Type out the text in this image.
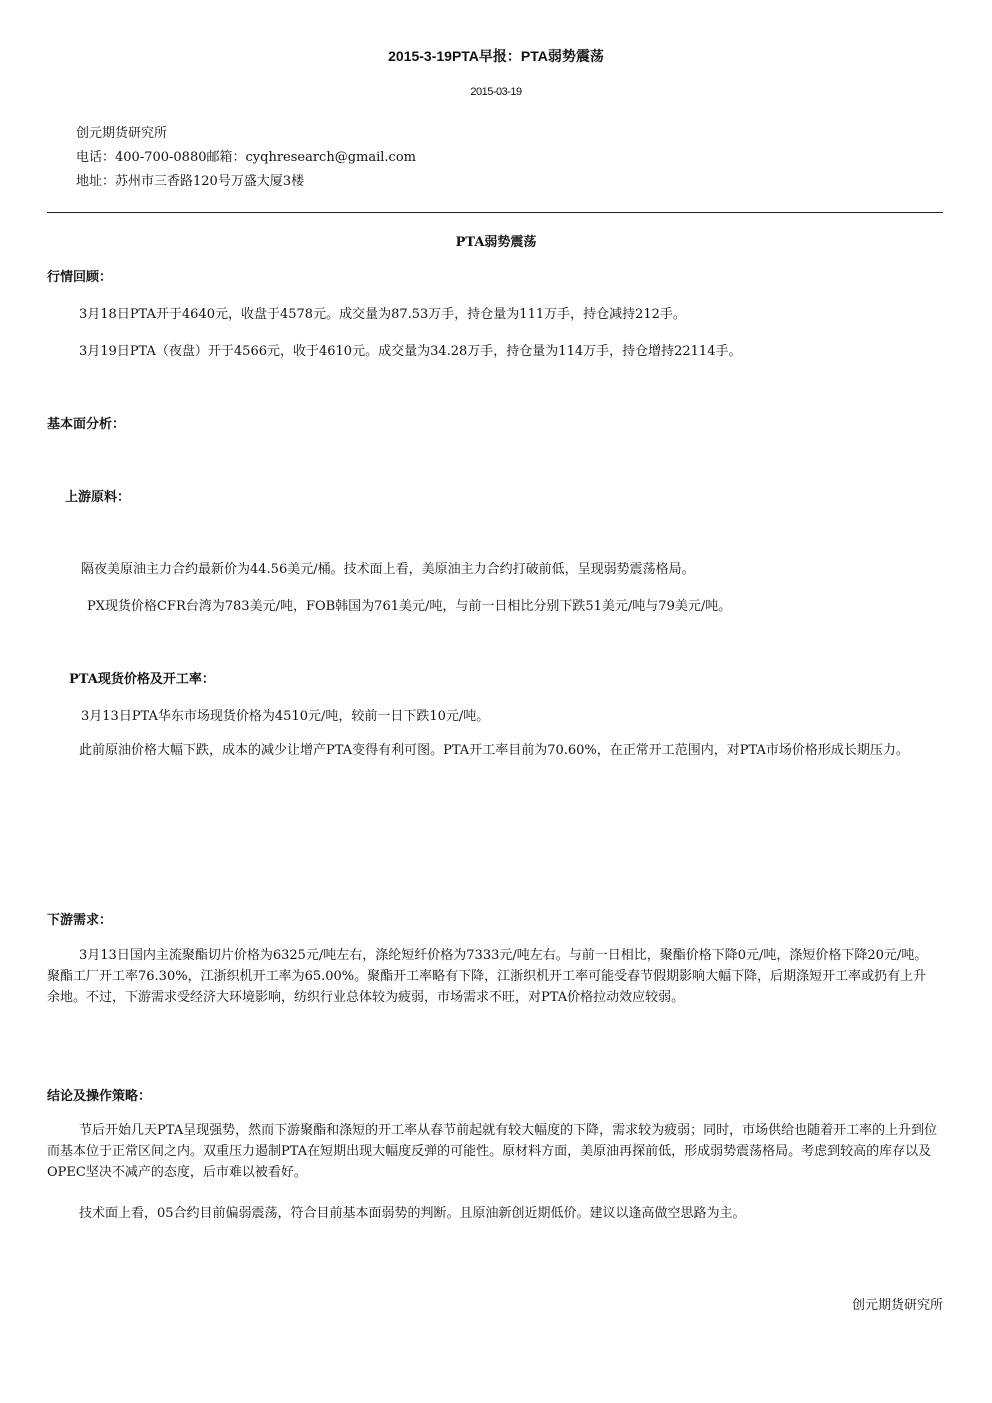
2015-3-19PTA早报：PTA弱势震荡
2015-03-19
创元期货研究所
电话：400-700-0880邮箱：cyqhresearch@gmail.com
地址：苏州市三香路120号万盛大厦3楼
PTA弱势震荡
行情回顾：
3月18日PTA开于4640元，收盘于4578元。成交量为87.53万手，持仓量为111万手，持仓减持212手。
3月19日PTA（夜盘）开于4566元，收于4610元。成交量为34.28万手，持仓量为114万手，持仓增持22114手。
基本面分析：
上游原料：
隔夜美原油主力合约最新价为44.56美元/桶。技术面上看，美原油主力合约打破前低，呈现弱势震荡格局。
PX现货价格CFR台湾为783美元/吨，FOB韩国为761美元/吨，与前一日相比分别下跌51美元/吨与79美元/吨。
PTA现货价格及开工率：
3月13日PTA华东市场现货价格为4510元/吨，较前一日下跌10元/吨。
此前原油价格大幅下跌，成本的减少让增产PTA变得有利可图。PTA开工率目前为70.60%，在正常开工范围内，对PTA市场价格形成长期压力。
下游需求：
3月13日国内主流聚酯切片价格为6325元/吨左右，涤纶短纤价格为7333元/吨左右。与前一日相比，聚酯价格下降0元/吨，涤短价格下降20元/吨。聚酯工厂开工率76.30%，江浙织机开工率为65.00%。聚酯开工率略有下降，江浙织机开工率可能受春节假期影响大幅下降，后期涤短开工率或扔有上升余地。不过，下游需求受经济大环境影响，纺织行业总体较为疲弱，市场需求不旺，对PTA价格拉动效应较弱。
结论及操作策略：
节后开始几天PTA呈现强势，然而下游聚酯和涤短的开工率从春节前起就有较大幅度的下降，需求较为疲弱；同时，市场供给也随着开工率的上升到位而基本位于正常区间之内。双重压力遏制PTA在短期出现大幅度反弹的可能性。原材料方面，美原油再探前低，形成弱势震荡格局。考虑到较高的库存以及OPEC坚决不减产的态度，后市难以被看好。
技术面上看，05合约目前偏弱震荡，符合目前基本面弱势的判断。且原油新创近期低价。建议以逢高做空思路为主。
创元期货研究所
